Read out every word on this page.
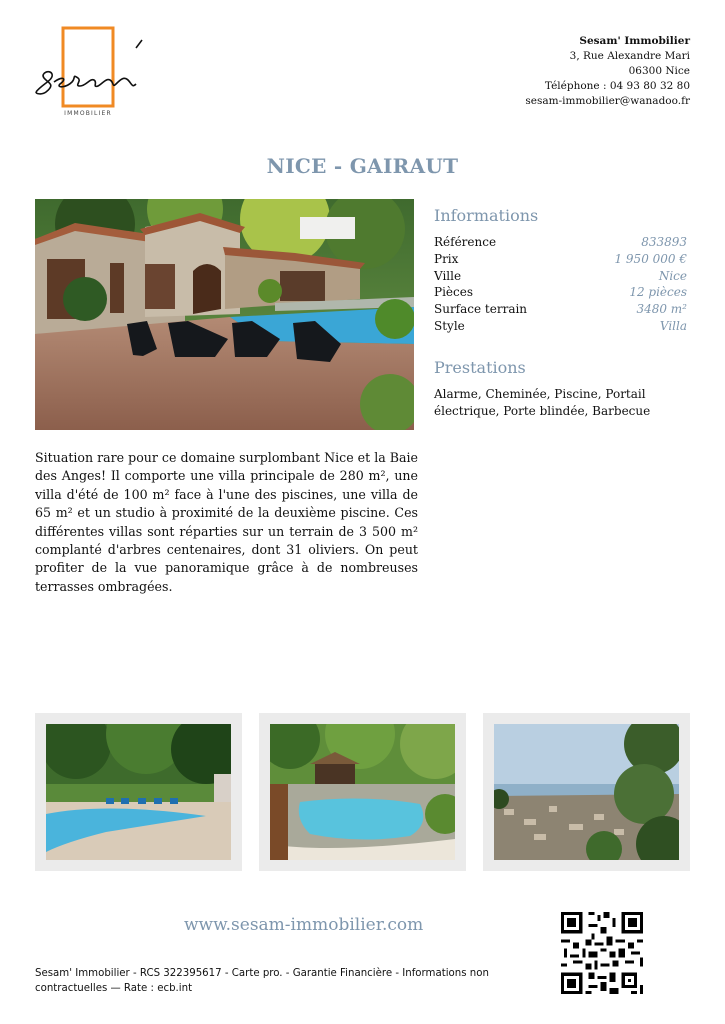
IMMOBILIER
Sesam' Immobilier
3, Rue Alexandre Mari
06300 Nice
Téléphone : 04 93 80 32 80
sesam-immobilier@wanadoo.fr
NICE - GAIRAUT
Informations
Référence	833893
Prix	1 950 000 €
Ville	Nice
Pièces	12 pièces
Surface terrain	3480 m²
Style	Villa
Prestations
Alarme, Cheminée, Piscine, Portail électrique, Porte blindée, Barbecue
Situation rare pour ce domaine surplombant Nice et la Baie des Anges! Il comporte une villa principale de 280 m², une villa d'été de 100 m² face à l'une des piscines, une villa de 65 m² et un studio à proximité de la deuxième piscine. Ces différentes villas sont réparties sur un terrain de 3 500 m² complanté d'arbres centenaires, dont 31 oliviers. On peut profiter de la vue panoramique grâce à de nombreuses terrasses ombragées.
www.sesam-immobilier.com
Sesam' Immobilier - RCS 322395617 - Carte pro. - Garantie Financière - Informations non contractuelles — Rate : ecb.int
